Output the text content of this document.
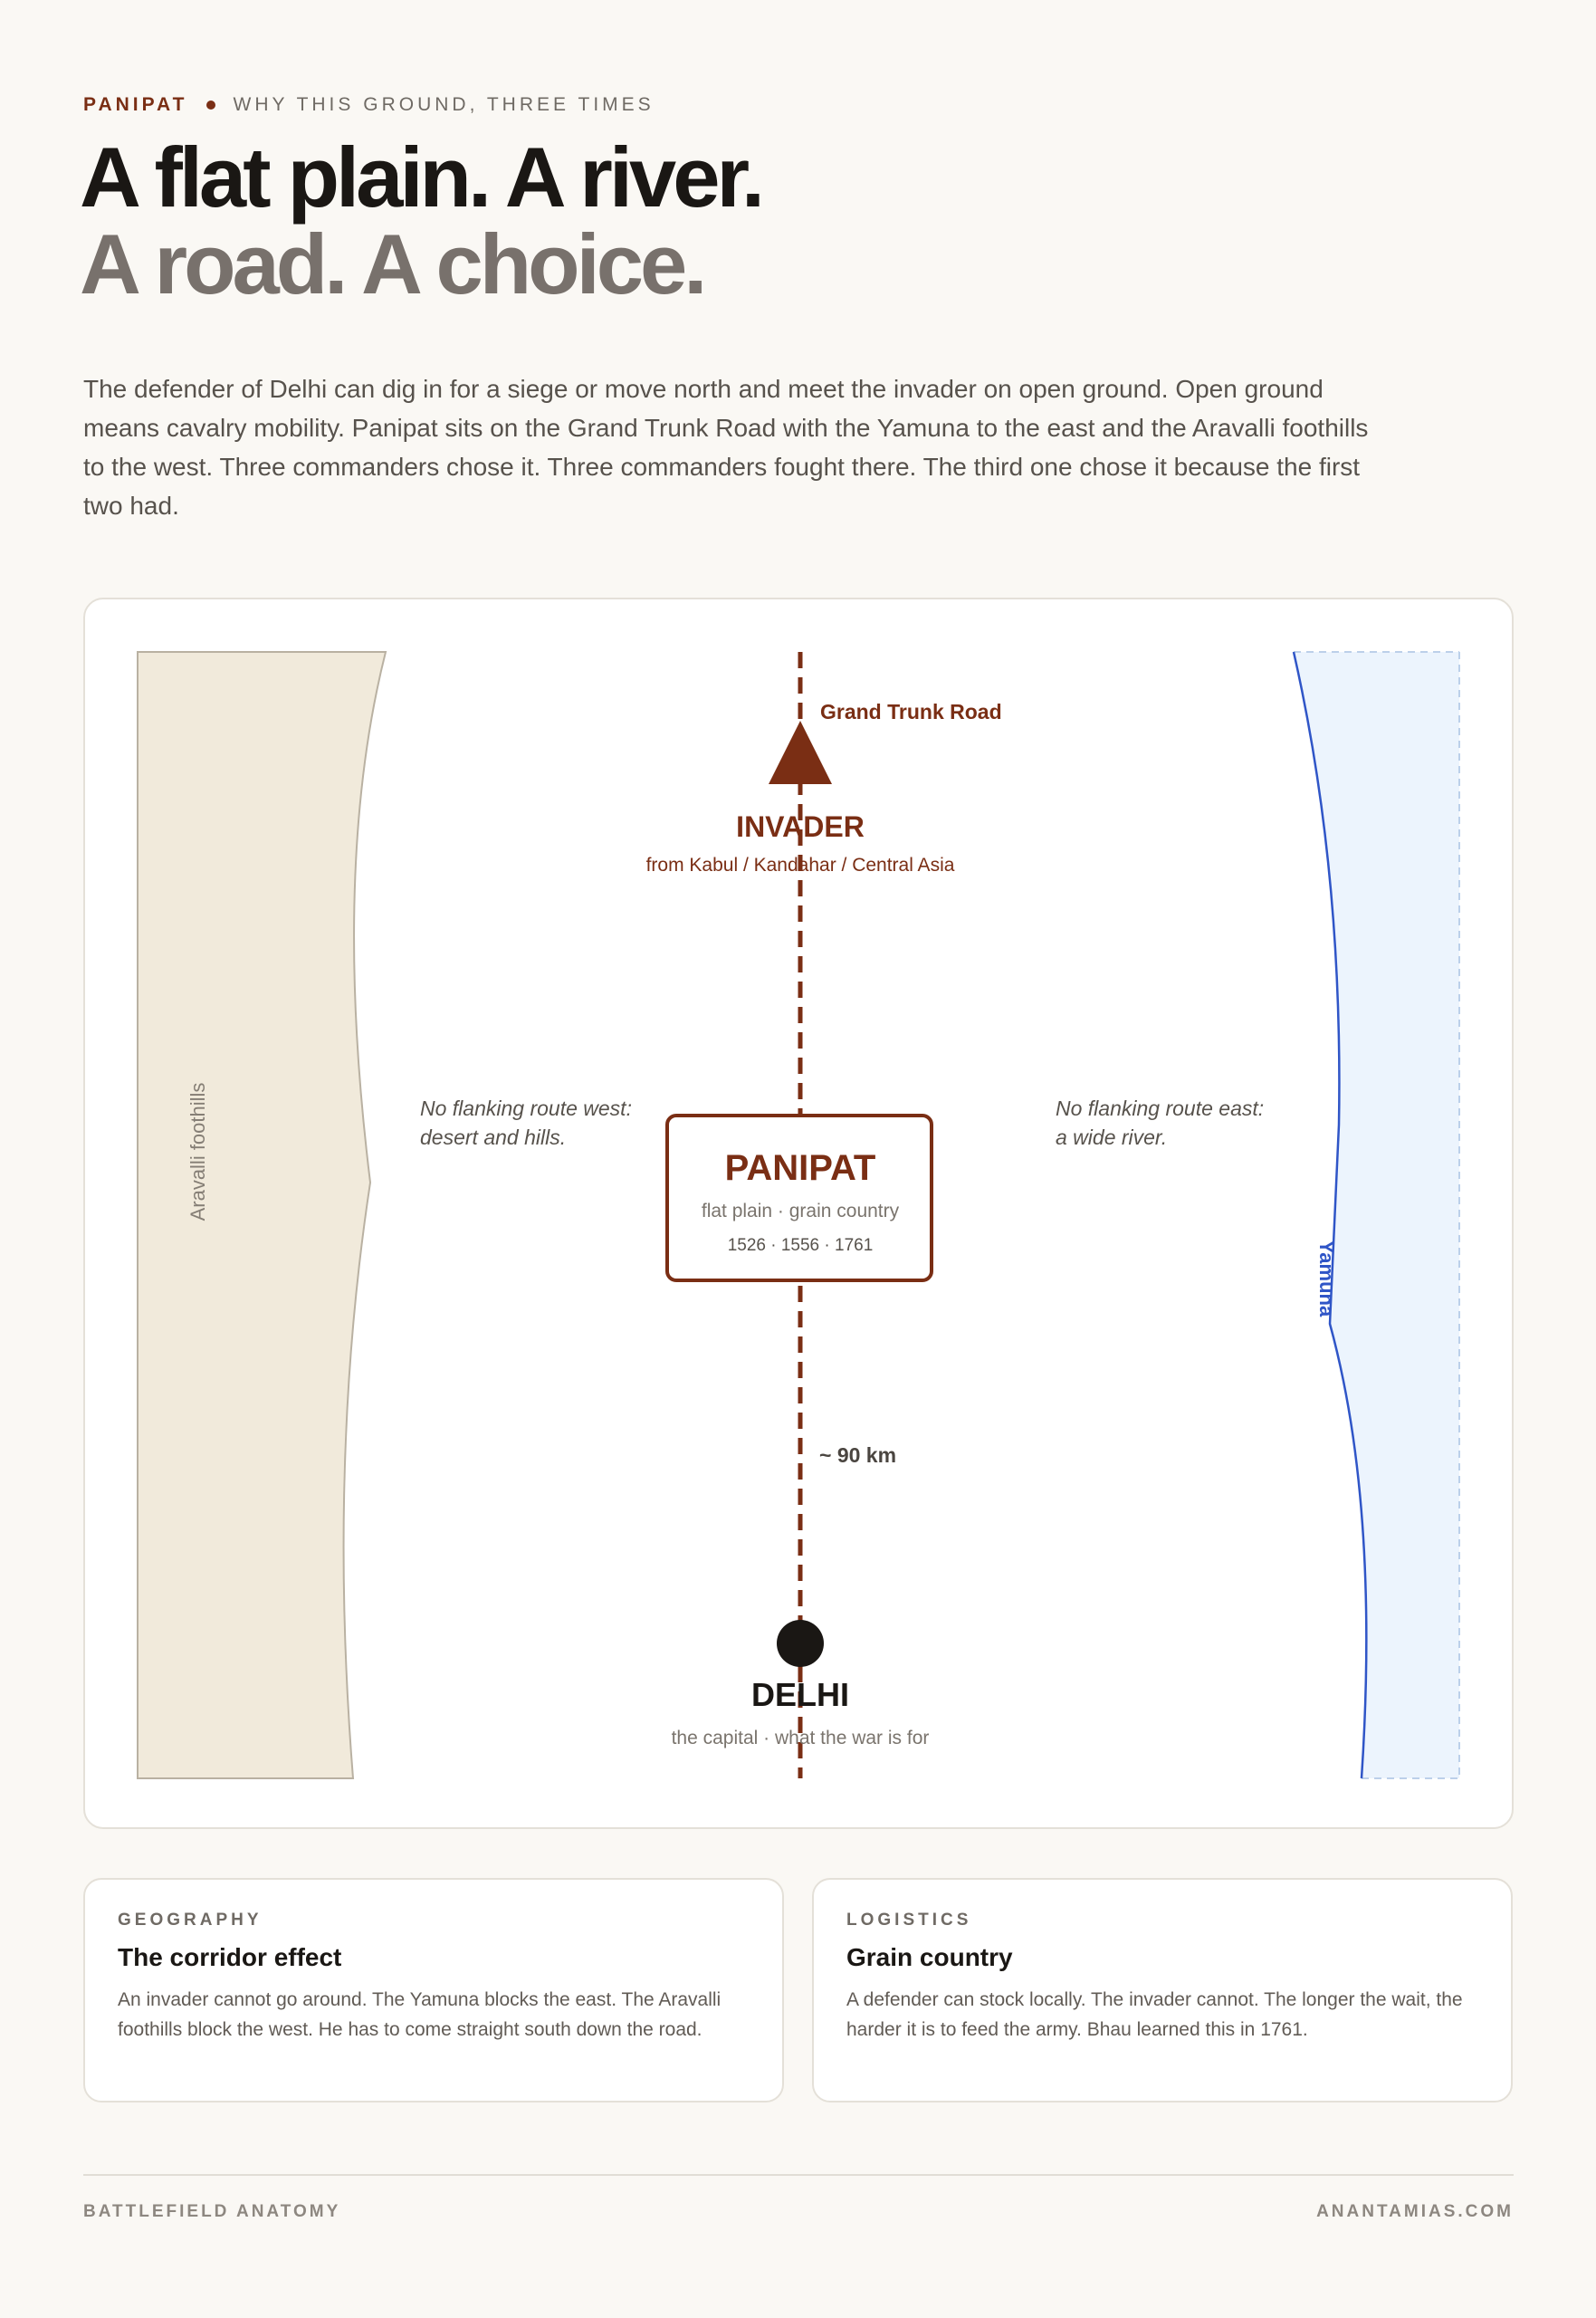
PANIPAT WHY THIS GROUND, THREE TIMES
A flat plain. A river.
A road. A choice.

The defender of Delhi can dig in for a siege or move north and meet the invader on open ground. Open ground means cavalry mobility. Panipat sits on the Grand Trunk Road with the Yamuna to the east and the Aravalli foothills to the west. Three commanders chose it. Three commanders fought there. The third one chose it because the first two had.

Aravalli foothills
Yamuna
Grand Trunk Road
INVADER
from Kabul / Kandahar / Central Asia
No flanking route west:
desert and hills.
No flanking route east:
a wide river.
PANIPAT
flat plain · grain country
1526 · 1556 · 1761
~ 90 km
DELHI
the capital · what the war is for
GEOGRAPHY
The corridor effect
An invader cannot go around. The Yamuna blocks the east. The Aravalli foothills block the west. He has to come straight south down the road.
LOGISTICS
Grain country
A defender can stock locally. The invader cannot. The longer the wait, the harder it is to feed the army. Bhau learned this in 1761.
BATTLEFIELD ANATOMY	ANANTAMIAS.COM
